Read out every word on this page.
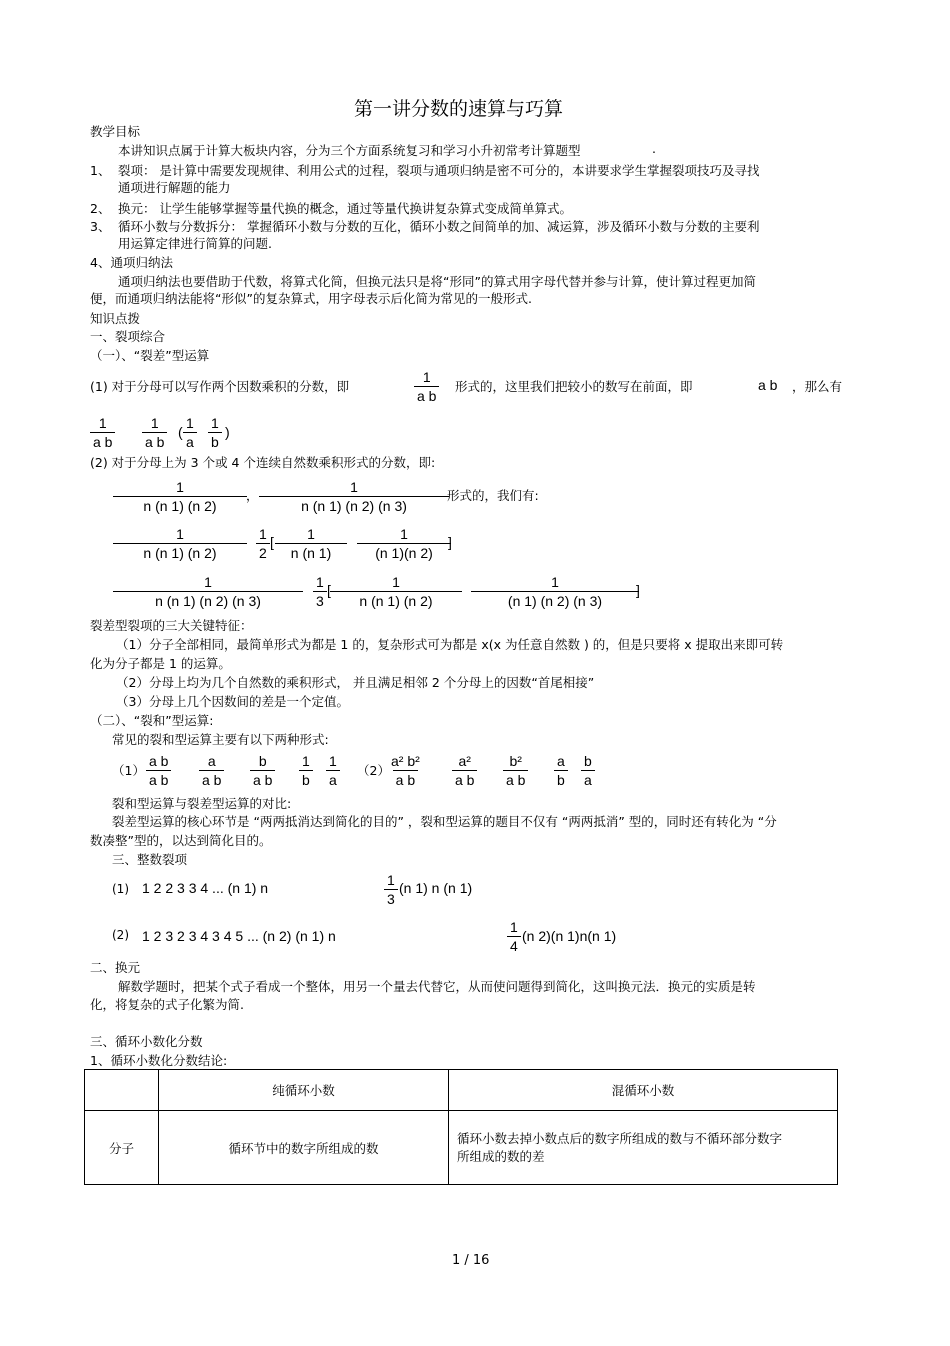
第一讲分数的速算与巧算
教学目标
本讲知识点属于计算大板块内容，分为三个方面系统复习和学习小升初常考计算题型	.
1、 裂项： 是计算中需要发现规律、利用公式的过程，裂项与通项归纳是密不可分的，本讲要求学生掌握裂项技巧及寻找
通项进行解题的能力
2、 换元： 让学生能够掌握等量代换的概念，通过等量代换讲复杂算式变成简单算式。
3、 循环小数与分数拆分： 掌握循环小数与分数的互化，循环小数之间简单的加、减运算，涉及循环小数与分数的主要利
用运算定律进行简算的问题.
4、通项归纳法
通项归纳法也要借助于代数，将算式化简，但换元法只是将“形同”的算式用字母代替并参与计算，使计算过程更加简
便，而通项归纳法能将“形似”的复杂算式，用字母表示后化简为常见的一般形式.
知识点拨
一、裂项综合
（一）、“裂差”型运算
(1) 对于分母可以写作两个因数乘积的分数，即	$\frac{1}{\text{a b}}$ 形式的，这里我们把较小的数写在前面，即	a b ，那么有
$\frac{1}{\text{a b}} \frac{1}{\text{a b}}$ ( $\frac{1}{a} \frac{1}{b}$ )
(2) 对于分母上为 3 个或 4 个连续自然数乘积形式的分数，即:
$\frac{1}{n (n 1) (n 2)}$ ， $\frac{1}{n (n 1) (n 2) (n 3)}$ 形式的，我们有:
$\frac{1}{n (n 1) (n 2)} \frac{1}{2}$ [ $\frac{1}{n (n 1)} \frac{1}{(n 1)(n 2)}$ ]
$\frac{1}{n (n 1) (n 2) (n 3)} \frac{1}{3}$ [ $\frac{1}{n (n 1) (n 2)} \frac{1}{(n 1) (n 2) (n 3)}$ ]
裂差型裂项的三大关键特征：
（1）分子全部相同，最简单形式为都是 1 的，复杂形式可为都是 x(x 为任意自然数 ) 的，但是只要将 x 提取出来即可转
化为分子都是 1 的运算。
（2）分母上均为几个自然数的乘积形式， 并且满足相邻 2 个分母上的因数“首尾相接”
（3）分母上几个因数间的差是一个定值。
（二）、“裂和”型运算:
常见的裂和型运算主要有以下两种形式:
$(1) \frac{\text{a b}}{\text{a b}} \frac{a}{\text{a b}} \frac{b}{\text{a b}} \frac{1}{b} \frac{1}{a} (2)$
$\frac{\text{a² b²}}{\text{a b}} \frac{\text{a²}}{\text{a b}} \frac{\text{b²}}{\text{a b}} \frac{a}{b} \frac{b}{a}$
裂和型运算与裂差型运算的对比:
裂差型运算的核心环节是 “两两抵消达到简化的目的” ，裂和型运算的题目不仅有 “两两抵消” 型的，同时还有转化为 “分
数凑整”型的，以达到简化目的。
三、整数裂项
(1) 1 2 2 3 3 4 ... (n 1) n	$\frac{1}{3} (n$ 1) n (n 1)
(2) 1 2 3 2 3 4 3 4 5 ... (n 2) (n 1) n	$\frac{1}{4} (n$ 2)(n 1)n(n 1)
二、换元
解数学题时，把某个式子看成一个整体，用另一个量去代替它，从而使问题得到简化，这叫换元法．换元的实质是转
化，将复杂的式子化繁为简.
三、循环小数化分数
1、循环小数化分数结论:
	纯循环小数	混循环小数
分子	循环节中的数字所组成的数	循环小数去掉小数点后的数字所组成的数与不循环部分数字
所组成的数的差
1 / 16
